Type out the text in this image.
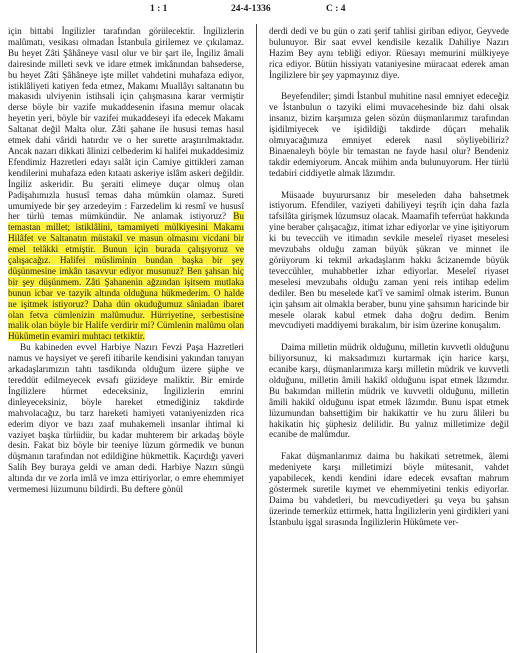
1 : 1	24-4-1336	C : 4

için bittabi İngilizler tarafından görülecektir. İngilizlerin malûmatı, vesikası olmadan İstanbula girilemez ve çıkılamaz. Bu heyet Zâti Şâhâneye vasıl olur ve bir şart ile, İngiliz âmali dairesinde milleti sevk ve idare etmek imkânından bahsederse, bu heyet Zâti Şâhâneye işte millet vahdetini muhafaza ediyor, istiklâliyeti katiyen feda etmez, Makamı Muallâyı saltanatın bu makasıdı ulviyenin istihsali için çalışmasına karar vermiştir derse böyle bir vazife mukaddesenin ifasına memur olacak heyetin yeri, böyle bir vazifei mukaddeseyi ifa edecek Makamı Saltanat değil Malta olur. Zâti şahane ile hususi temas hasıl etmek dahi vâridi hatırdır ve o her surette araştırılmaktadır. Ancak nazarı dikkati âlinizi celbederim ki halifei mukaddesimiz Efendimiz Hazretleri edayı salât için Camiye gittikleri zaman kendilerini muhafaza eden kıtaatı askeriye islâm askeri değildir. İngiliz askeridir. Bu şeraiti elimeye duçar olmuş olan Padişahımızla hususî temas daha mümkün olamaz. Sureti umumiyede bir şey arzedeyim : Farzedelim ki resmî ve hususî her türlü temas mümkündür. Ne anlamak istiyoruz? Bu temastan millet; istiklâlini, tamamiyeti mülkiyesini Makamı Hilâfet ve Saltanatın müstakil ve masun olmasını vicdani bir emel telâkki etmiştir. Bunun için burada çalışıyoruz ve çalışacağız. Halifei müsliminin bundan başka bir şey düşünmesine imkân tasavvur ediyor musunuz? Ben şahsan hiç bir şey düşünmem. Zâti Şahanenin ağzından işitsem mutlaka bunun icbar ve tazyik altında olduğuna hükmederim. O halde ne işitmek istiyoruz? Daha dün okuduğumuz sâniadan ibaret olan fetva cümlenizin malûmudur. Hürriyetine, serbestisine malik olan böyle bir Halife verdirir mi? Cümlenin malûmu olan Hükûmetin evamiri muhtacı tetkiktir.

Bu kabineden evvel Harbiye Nazırı Fevzi Paşa Hazretleri namus ve haysiyet ve şerefi itibarile kendisini yakından tanıyan arkadaşlarımızın tahtı tasdikında olduğum üzere şüphe ve tereddüt edilmeyecek evsafı güzideye maliktir. Bir emirde İngilizlere hürmet edeceksiniz, İngilizlerin emrini dinleyeceksiniz, böyle hareket etmediğiniz takdirde mahvolacağız, bu tarz hareketi hamiyeti vataniyenizden rica ederim diyor ve bazı zaaf muhakemeli insanlar ihtimal ki vaziyet başka türlüdür, bu kadar muhterem bir arkadaş böyle desin. Fakat biz böyle bir teeniye lüzum görmedik ve bunun düşmanın tarafından not edildiğine hükmettik. Kaçırdığı yaveri Salih Bey buraya geldi ve aman dedi. Harbiye Nazırı süngü altında dır ve zorla imlâ ve imza ettiriyorlar, o emre ehemmiyet vermemesi lüzumunu bildirdi. Bu deftere gönül

derdi dedi ve bu gün o zati şerif tahlisi giriban ediyor, Geyvede bulunuyor. Bir saat evvel kendisile kezalik Dahiliye Nazırı Hazim Bey aynı tebliği ediyor. Rüesayı memurini mülkiyeye rica ediyor. Bütün hissiyatı vataniyesine müracaat ederek aman İngilizlere bir şey yapmayınız diye.

Beyefendiler; şimdi İstanbul muhitine nasıl emniyet edeceğiz ve İstanbulun o tazyiki elimi muvacehesinde biz dahi olsak insanız, bizim karşımıza gelen sözün düşmanlarımız tarafından işidilmiyecek ve işidildiği takdirde düçarı mehalik olmıyacağımıza emniyet ederek nasıl söyliyebiliriz? Binaenaleyh böyle bir temastan ne fayde hasıl olur? Bendeniz takdir edemiyorum. Ancak mühim anda bulunuyorum. Her türlü tedabiri ciddiyetle almak lâzımdır.

Müsaade buyurursanız bir meseleden daha bahsetmek istiyorum. Efendiler, vaziyeti dahiliyeyi teşrih için daha fazla tafsilâta girişmek lüzumsuz olacak. Maamafih teferrüat hakkında yine beraber çalışacağız, itimat izhar ediyorlar ve yine işitiyorum ki bu teveccüh ve itimadın sevkile meseleî riyaset meselesi mevzubahs olduğu zaman büyük şükran ve minnet ile görüyorum ki tekmil arkadaşlarım hakkı âcizanemde büyük teveccühler, muhabbetler izhar ediyorlar. Meseleî riyaset meselesi mevzubahs olduğu zaman yeni reis intihap edelim dediler. Ben bu meselede kat'î ve samimî olmak isterim. Bunun için şahsım ait olmakla beraber, bunu yine şahsımın haricinde bir mesele olarak kabul etmek daha doğru dedim. Benim mevcudiyeti maddiyemi bırakalım, bir isim üzerine konuşalım.

Daima milletin müdrik olduğunu, milletin kuvvetli olduğunu biliyorsunuz, ki maksadımızı kurtarmak için harice karşı, ecanibe karşı, düşmanlarımıza karşı milletin müdrik ve kuvvetli olduğunu, milletin âmili hakikî olduğunu ispat etmek lâzımdır. Bu bakımdan milletin müdrik ve kuvvetli olduğunu, milletin âmili hakikî olduğunu ispat etmek lâzımdır. Bunu ispat etmek lüzumundan bahsettiğim bir hakikattir ve hu zuru âlileri bu hakikatin hiç şüphesiz delilidir. Bu yalnız milletimize değil ecanibe de malûmdur.

Fakat düşmanlarımız daima bu hakikati setretmek, âlemi medeniyete karşı milletimizi böyle mütesanit, vahdet yapabilecek, kendi kendini idare edecek evsaftan mahrum göstermek suretile kıymet ve ehemmiyetini tenkis ediyorlar. Daima bu vahdetleri, bu mevcudiyetleri şu veya bu şahsın üzerinde temerküz ettirmek, hatta İngilizlerin yeni girdikleri yani İstanbulu işgal sırasında İngilizlerin Hükûmete ver-
